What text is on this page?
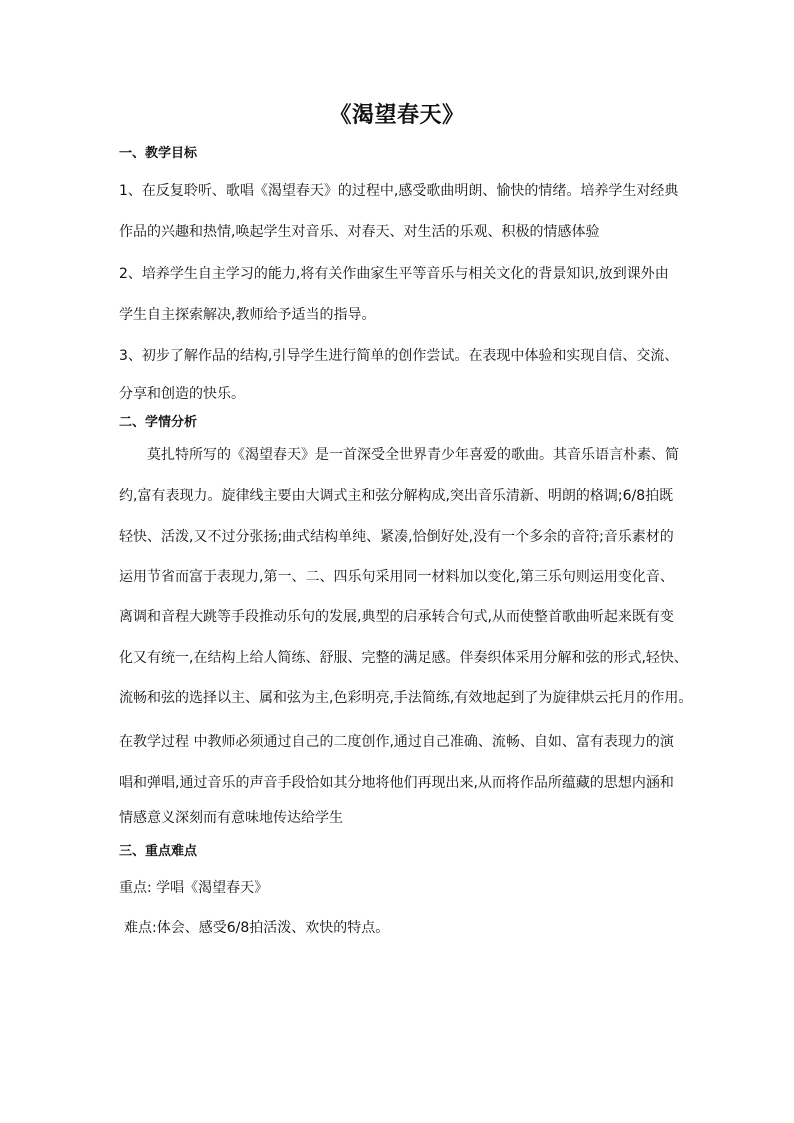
《渴望春天》
一、教学目标
1、在反复聆听、歌唱《渴望春天》的过程中,感受歌曲明朗、愉快的情绪。培养学生对经典
作品的兴趣和热情,唤起学生对音乐、对春天、对生活的乐观、积极的情感体验
2、培养学生自主学习的能力,将有关作曲家生平等音乐与相关文化的背景知识,放到课外由
学生自主探索解决,教师给予适当的指导。
3、初步了解作品的结构,引导学生进行简单的创作尝试。在表现中体验和实现自信、交流、
分享和创造的快乐。
二、学情分析
莫扎特所写的《渴望春天》是一首深受全世界青少年喜爱的歌曲。其音乐语言朴素、简
约,富有表现力。旋律线主要由大调式主和弦分解构成,突出音乐清新、明朗的格调;6/8拍既
轻快、活泼,又不过分张扬;曲式结构单纯、紧凑,恰倒好处,没有一个多余的音符;音乐素材的
运用节省而富于表现力,第一、二、四乐句采用同一材料加以变化,第三乐句则运用变化音、
离调和音程大跳等手段推动乐句的发展,典型的启承转合句式,从而使整首歌曲听起来既有变
化又有统一,在结构上给人简练、舒服、完整的满足感。伴奏织体采用分解和弦的形式,轻快、
流畅和弦的选择以主、属和弦为主,色彩明亮,手法简练,有效地起到了为旋律烘云托月的作用。
在教学过程 中教师必须通过自己的二度创作,通过自己准确、流畅、自如、富有表现力的演
唱和弹唱,通过音乐的声音手段恰如其分地将他们再现出来,从而将作品所蕴藏的思想内涵和
情感意义深刻而有意味地传达给学生
三、重点难点
重点: 学唱《渴望春天》
难点:体会、感受6/8拍活泼、欢快的特点。
